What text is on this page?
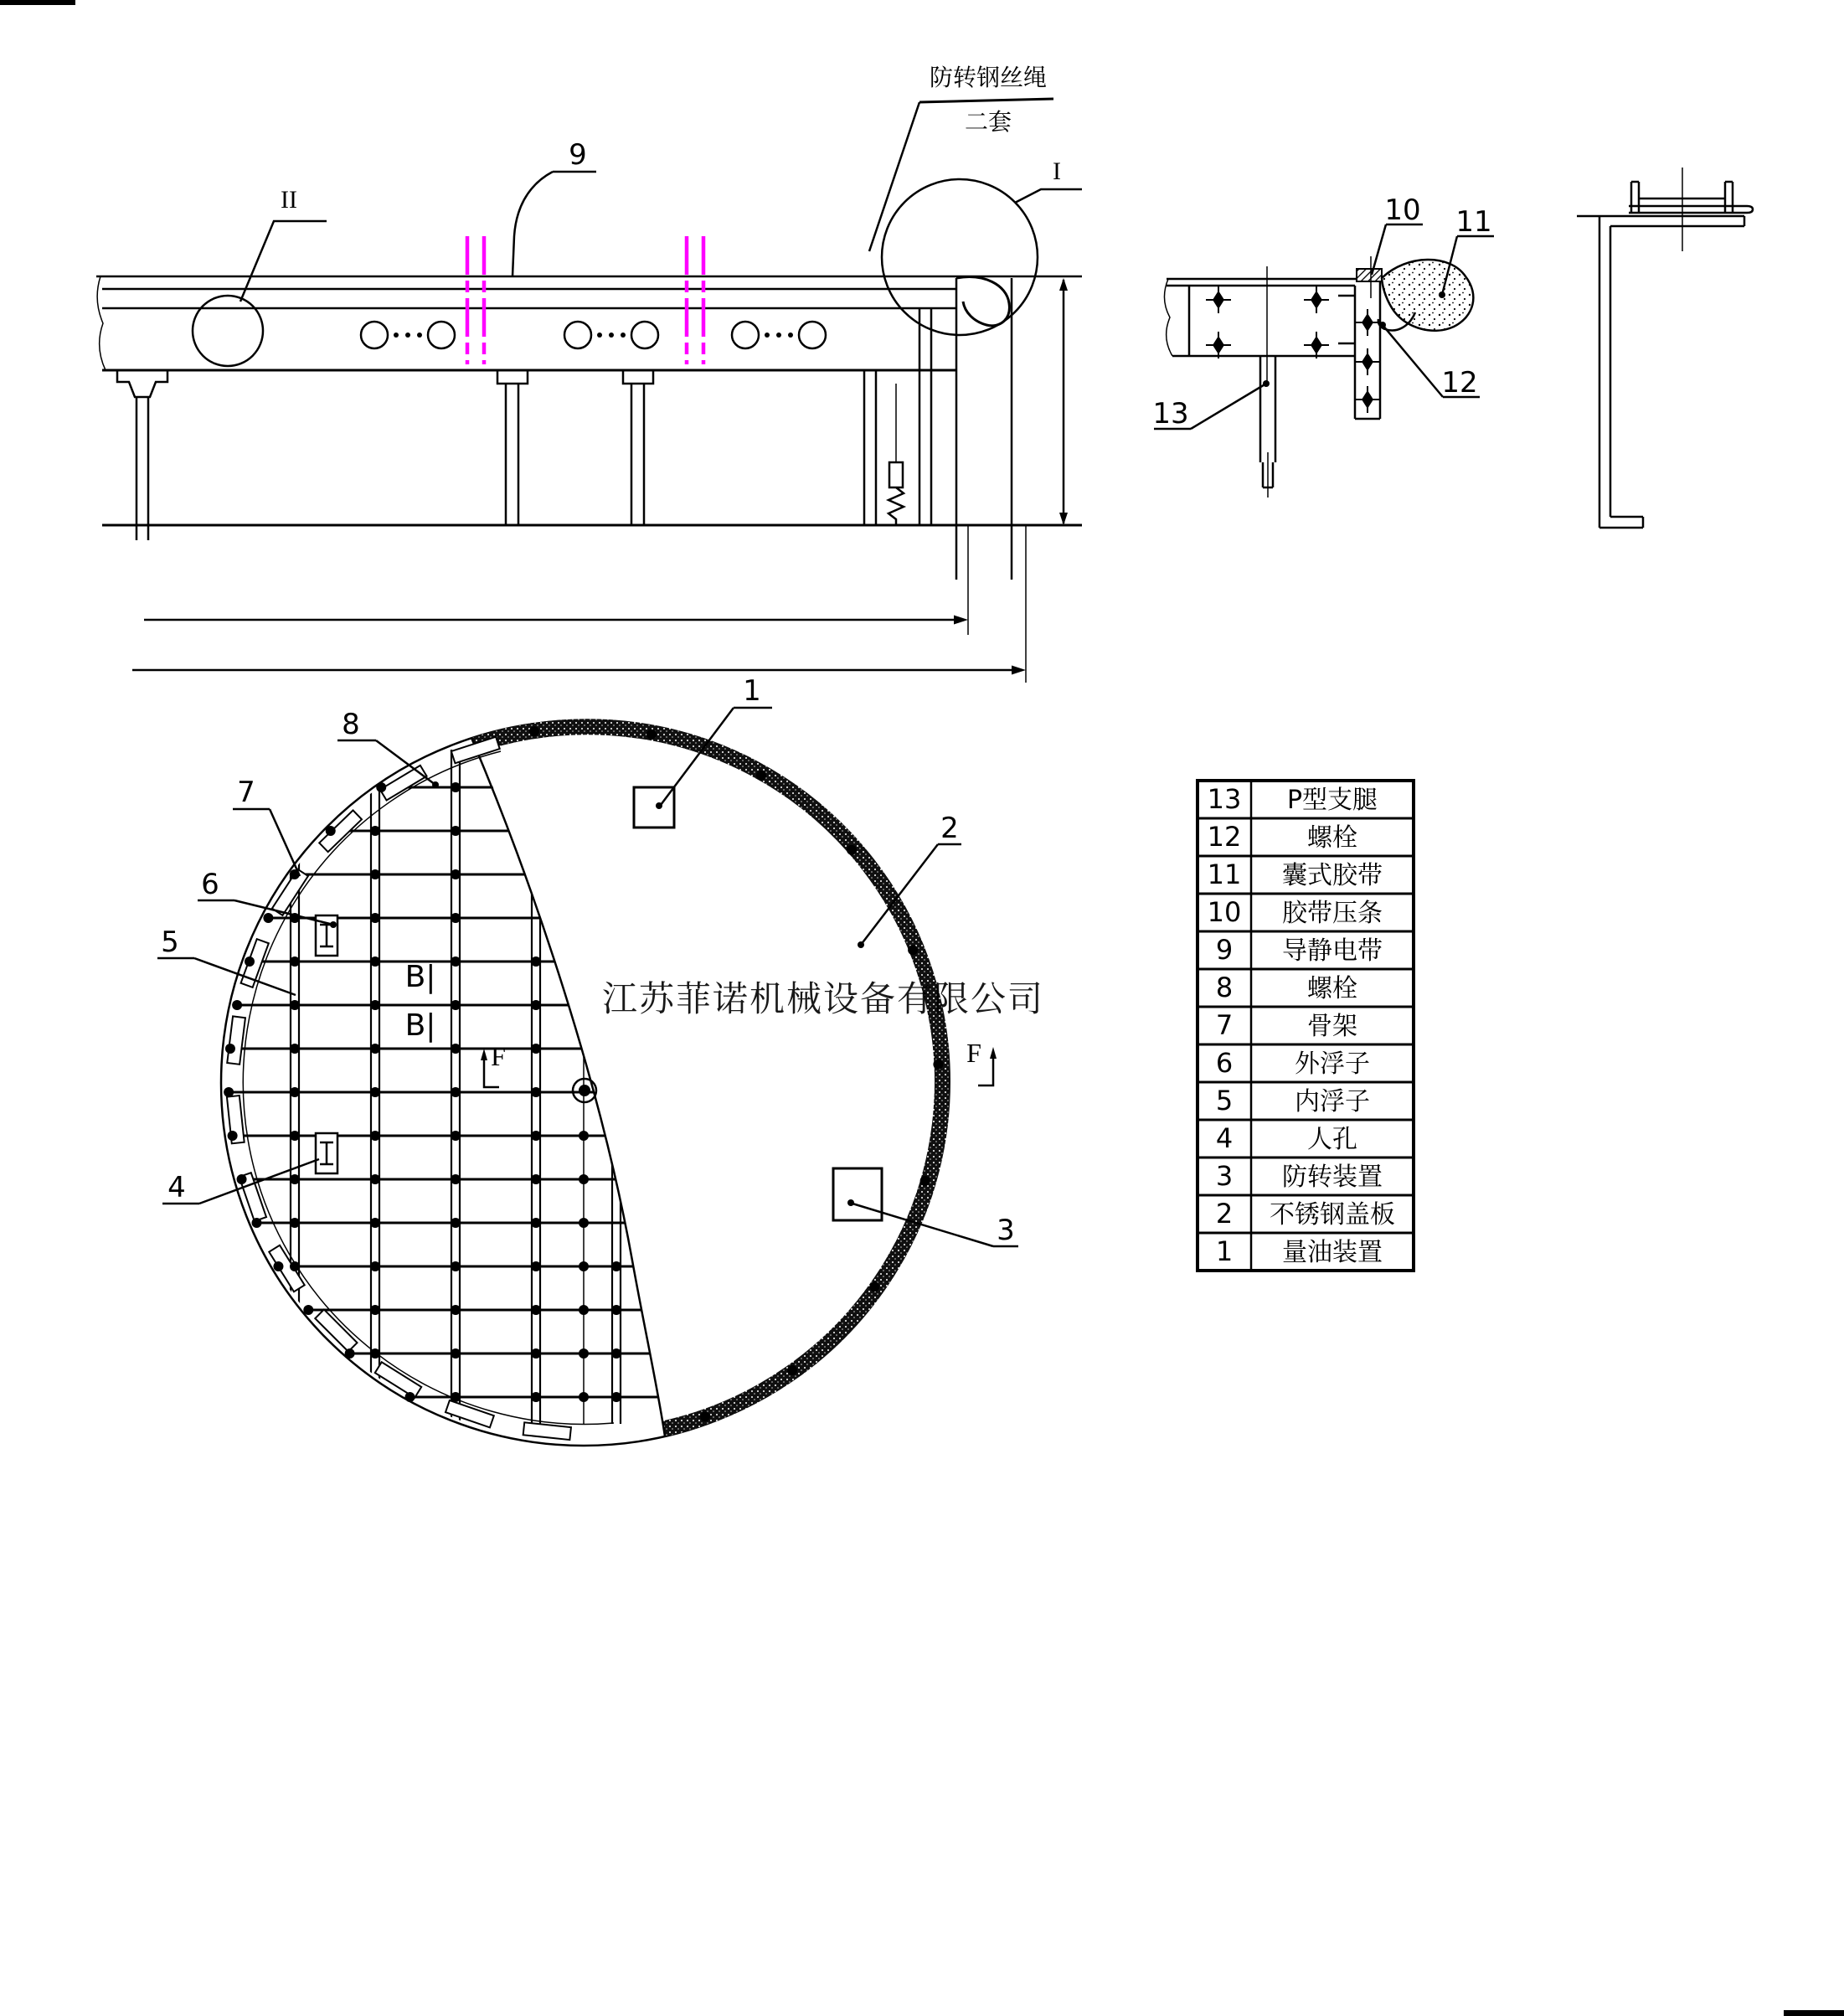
II
I
9
防转钢丝绳
二套
10 11
12
13
B|
B|
F	F
1
2
3
4
5
6
7
8
江苏菲诺机械设备有限公司
13 P型支腿
12	螺栓
11 囊式胶带
10 胶带压条
9 导静电带
8	螺栓
7	骨架
6 外浮子
5 内浮子
4	人孔
3 防转装置
2 不锈钢盖板
1 量油装置
